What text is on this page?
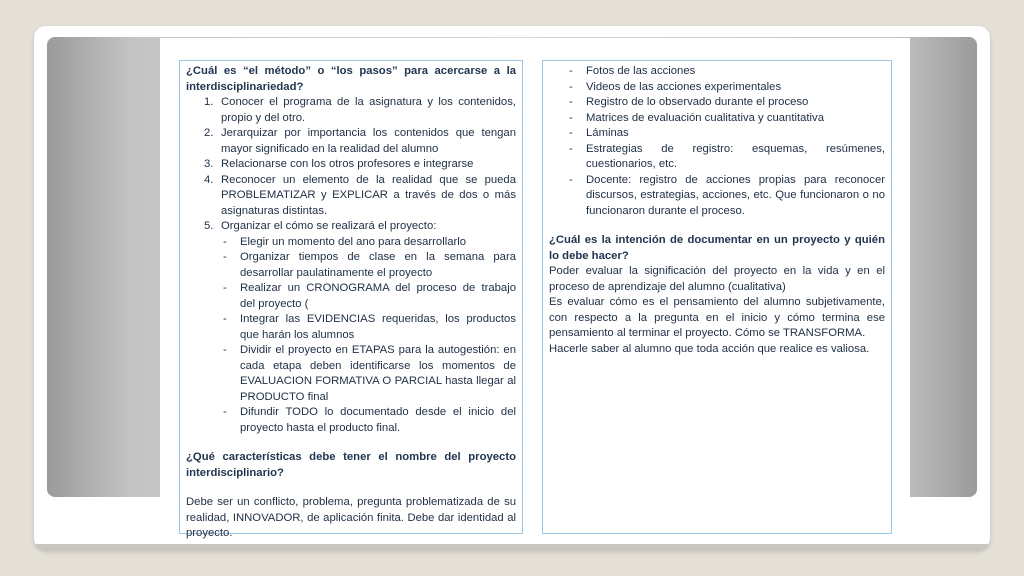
¿Cuál es “el método” o “los pasos” para acercarse a la interdisciplinariedad?

1. Conocer el programa de la asignatura y los contenidos, propio y del otro.
2. Jerarquizar por importancia los contenidos que tengan mayor significado en la realidad del alumno
3. Relacionarse con los otros profesores e integrarse
4. Reconocer un elemento de la realidad que se pueda PROBLEMATIZAR y EXPLICAR a través de dos o más asignaturas distintas.
5. Organizar el cómo se realizará el proyecto:
- Elegir un momento del ano para desarrollarlo
- Organizar tiempos de clase en la semana para desarrollar paulatinamente el proyecto
- Realizar un CRONOGRAMA del proceso de trabajo del proyecto (
- Integrar las EVIDENCIAS requeridas, los productos que harán los alumnos
- Dividir el proyecto en ETAPAS para la autogestión: en cada etapa deben identificarse los momentos de EVALUACION FORMATIVA O PARCIAL hasta llegar al PRODUCTO final
- Difundir TODO lo documentado desde el inicio del proyecto hasta el producto final.

¿Qué características debe tener el nombre del proyecto interdisciplinario?

Debe ser un conflicto, problema, pregunta problematizada de su realidad, INNOVADOR, de aplicación finita. Debe dar identidad al proyecto.

- Fotos de las acciones
- Videos de las acciones experimentales
- Registro de lo observado durante el proceso
- Matrices de evaluación cualitativa y cuantitativa
- Láminas
- Estrategias de registro: esquemas, resúmenes, cuestionarios, etc.
- Docente: registro de acciones propias para reconocer discursos, estrategias, acciones, etc. Que funcionaron o no funcionaron durante el proceso.

¿Cuál es la intención de documentar en un proyecto y quién lo debe hacer?

Poder evaluar la significación del proyecto en la vida y en el proceso de aprendizaje del alumno (cualitativa)

Es evaluar cómo es el pensamiento del alumno subjetivamente, con respecto a la pregunta en el inicio y cómo termina ese pensamiento al terminar el proyecto. Cómo se TRANSFORMA.

Hacerle saber al alumno que toda acción que realice es valiosa.
